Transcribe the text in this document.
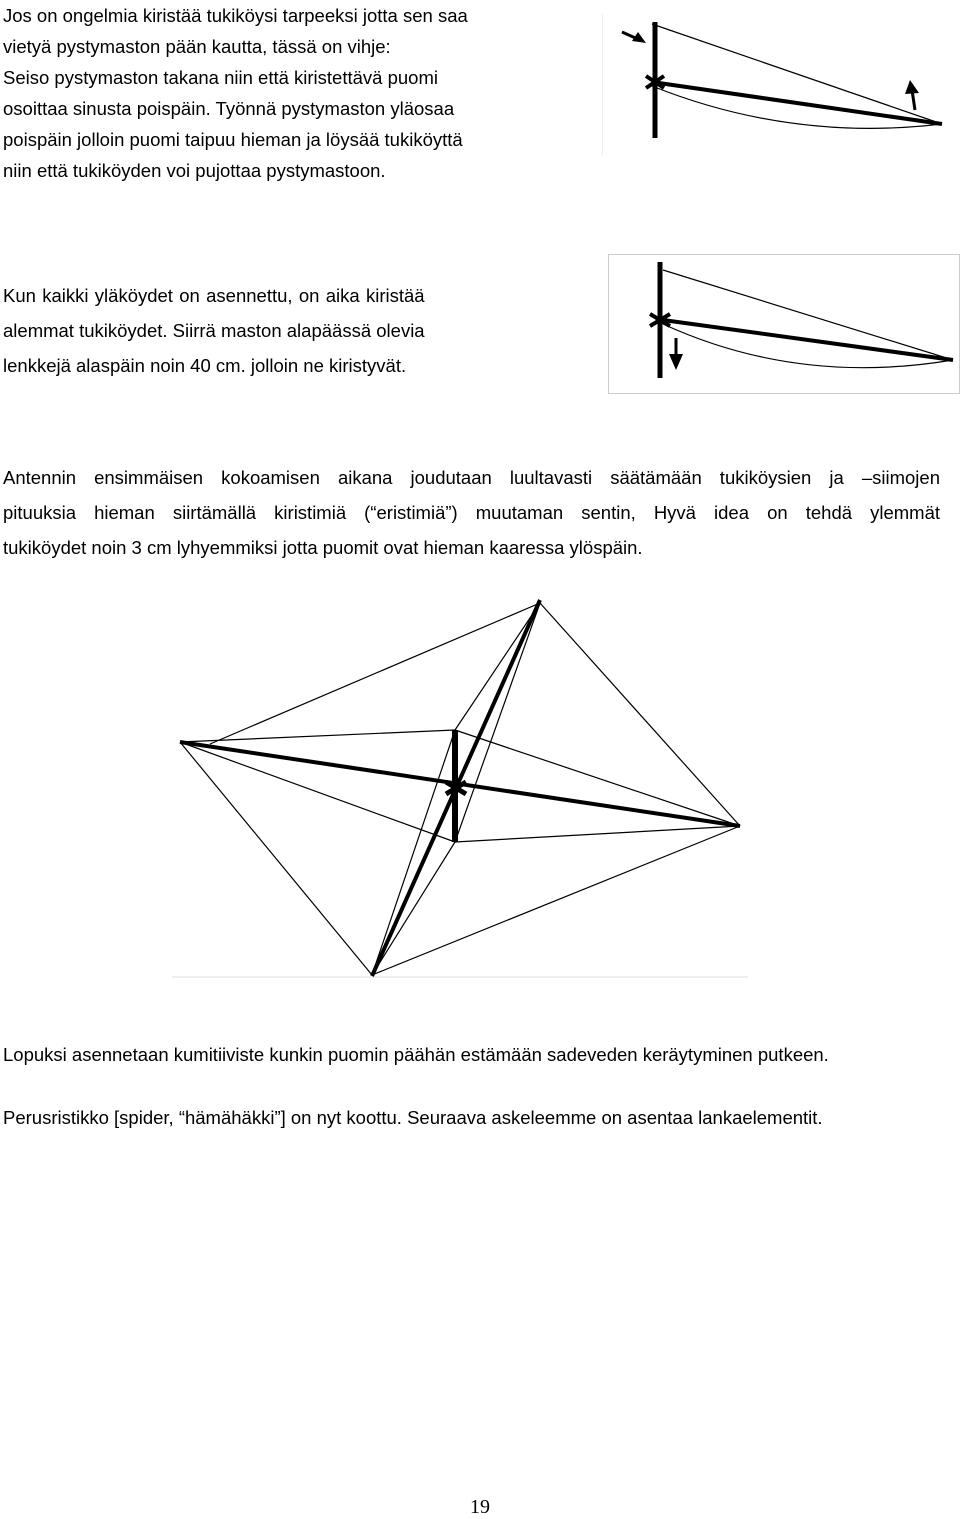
Jos on ongelmia kiristää tukiköysi tarpeeksi jotta sen saa
vietyä pystymaston pään kautta, tässä on vihje:
Seiso pystymaston takana niin että kiristettävä puomi
osoittaa sinusta poispäin. Työnnä pystymaston yläosaa
poispäin jolloin puomi taipuu hieman ja löysää tukiköyttä
niin että tukiköyden voi pujottaa pystymastoon.
Kun kaikki yläköydet on asennettu, on aika kiristää
alemmat tukiköydet. Siirrä maston alapäässä olevia
lenkkejä alaspäin noin 40 cm. jolloin ne kiristyvät.
Antennin ensimmäisen kokoamisen aikana joudutaan luultavasti säätämään tukiköysien ja –siimojen
pituuksia hieman siirtämällä kiristimiä (“eristimiä”) muutaman sentin, Hyvä idea on tehdä ylemmät
tukiköydet noin 3 cm lyhyemmiksi jotta puomit ovat hieman kaaressa ylöspäin.

Lopuksi asennetaan kumitiiviste kunkin puomin päähän estämään sadeveden keräytyminen putkeen.

Perusristikko [spider, “hämähäkki”] on nyt koottu. Seuraava askeleemme on asentaa lankaelementit.

19
